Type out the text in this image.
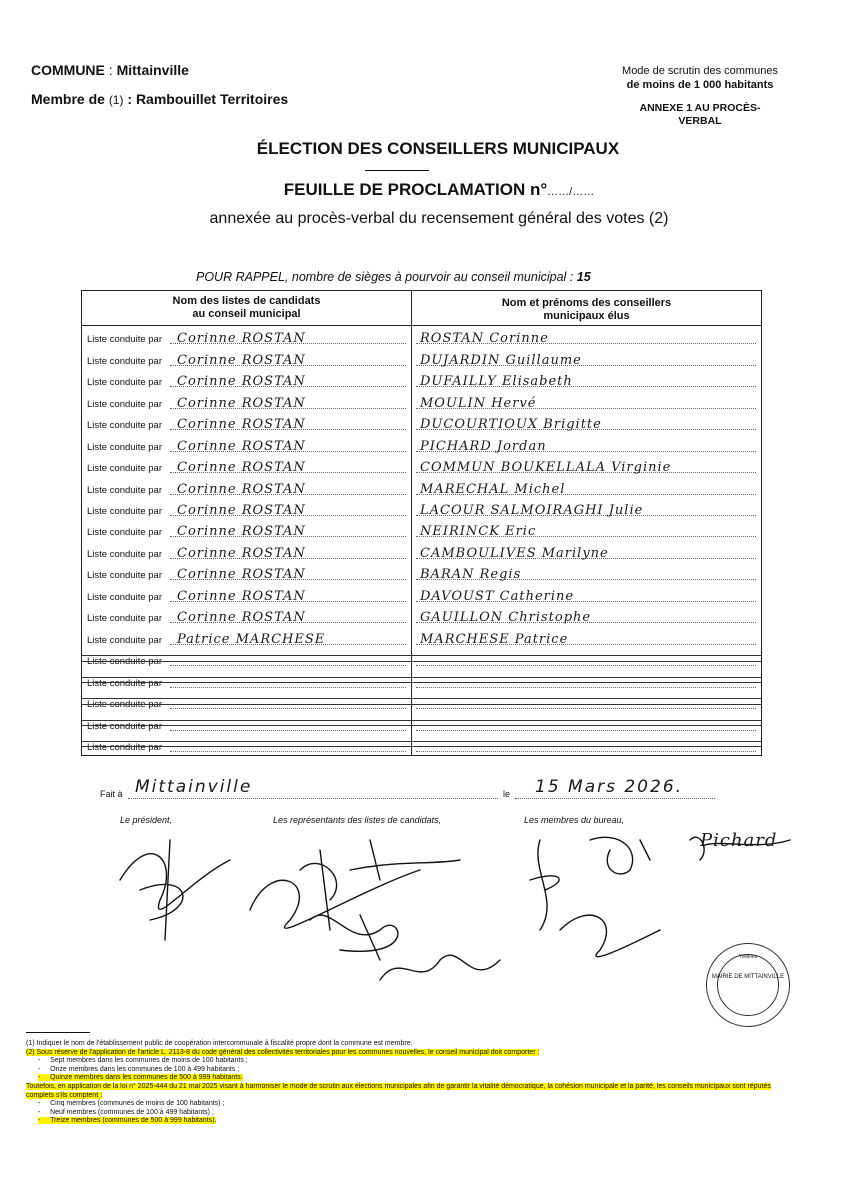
COMMUNE : Mittainville
Membre de (1) : Rambouillet Territoires
Mode de scrutin des communes
de moins de 1 000 habitants
ANNEXE 1 AU PROCÈS-
VERBAL
ÉLECTION DES CONSEILLERS MUNICIPAUX
FEUILLE DE PROCLAMATION n°……/……
annexée au procès-verbal du recensement général des votes (2)
POUR RAPPEL, nombre de sièges à pourvoir au conseil municipal : 15
Nom des listes de candidats
au conseil municipal
Nom et prénoms des conseillers
municipaux élus
Liste conduite par Corinne ROSTAN	ROSTAN Corinne
Liste conduite par Corinne ROSTAN	DUJARDIN Guillaume
Liste conduite par Corinne ROSTAN	DUFAILLY Elisabeth
Liste conduite par Corinne ROSTAN	MOULIN Hervé
Liste conduite par Corinne ROSTAN	DUCOURTIOUX Brigitte
Liste conduite par Corinne ROSTAN	PICHARD Jordan
Liste conduite par Corinne ROSTAN	COMMUN BOUKELLALA Virginie
Liste conduite par Corinne ROSTAN	MARECHAL Michel
Liste conduite par Corinne ROSTAN	LACOUR SALMOIRAGHI Julie
Liste conduite par Corinne ROSTAN	NEIRINCK Eric
Liste conduite par Corinne ROSTAN	CAMBOULIVES Marilyne
Liste conduite par Corinne ROSTAN	BARAN Regis
Liste conduite par Corinne ROSTAN	DAVOUST Catherine
Liste conduite par Corinne ROSTAN	GAUILLON Christophe
Liste conduite par Patrice MARCHESE	MARCHESE Patrice
Liste conduite par
Liste conduite par
Liste conduite par
Liste conduite par
Liste conduite par
Fait à Mittainville	le 15 Mars 2026.
Le président,	Les représentants des listes de candidats,	Les membres du bureau,
Pichard
MAIRIE DE MITTAINVILLE
Yvelines
(1) Indiquer le nom de l'établissement public de coopération intercommunale à fiscalité propre dont la commune est membre.
(2) Sous réserve de l'application de l'article L. 2113-8 du code général des collectivités territoriales pour les communes nouvelles, le conseil municipal doit comporter :
- Sept membres dans les communes de moins de 100 habitants ;
- Onze membres dans les communes de 100 à 499 habitants ;
- Quinze membres dans les communes de 500 à 999 habitants.
Toutefois, en application de la loi n° 2025-444 du 21 mai 2025 visant à harmoniser le mode de scrutin aux élections municipales afin de garantir la vitalité démocratique, la cohésion municipale et la parité, les conseils municipaux sont réputés complets s'ils comptent :
- Cinq membres (communes de moins de 100 habitants) ;
- Neuf membres (communes de 100 à 499 habitants) ;
- Treize membres (communes de 500 à 999 habitants).
